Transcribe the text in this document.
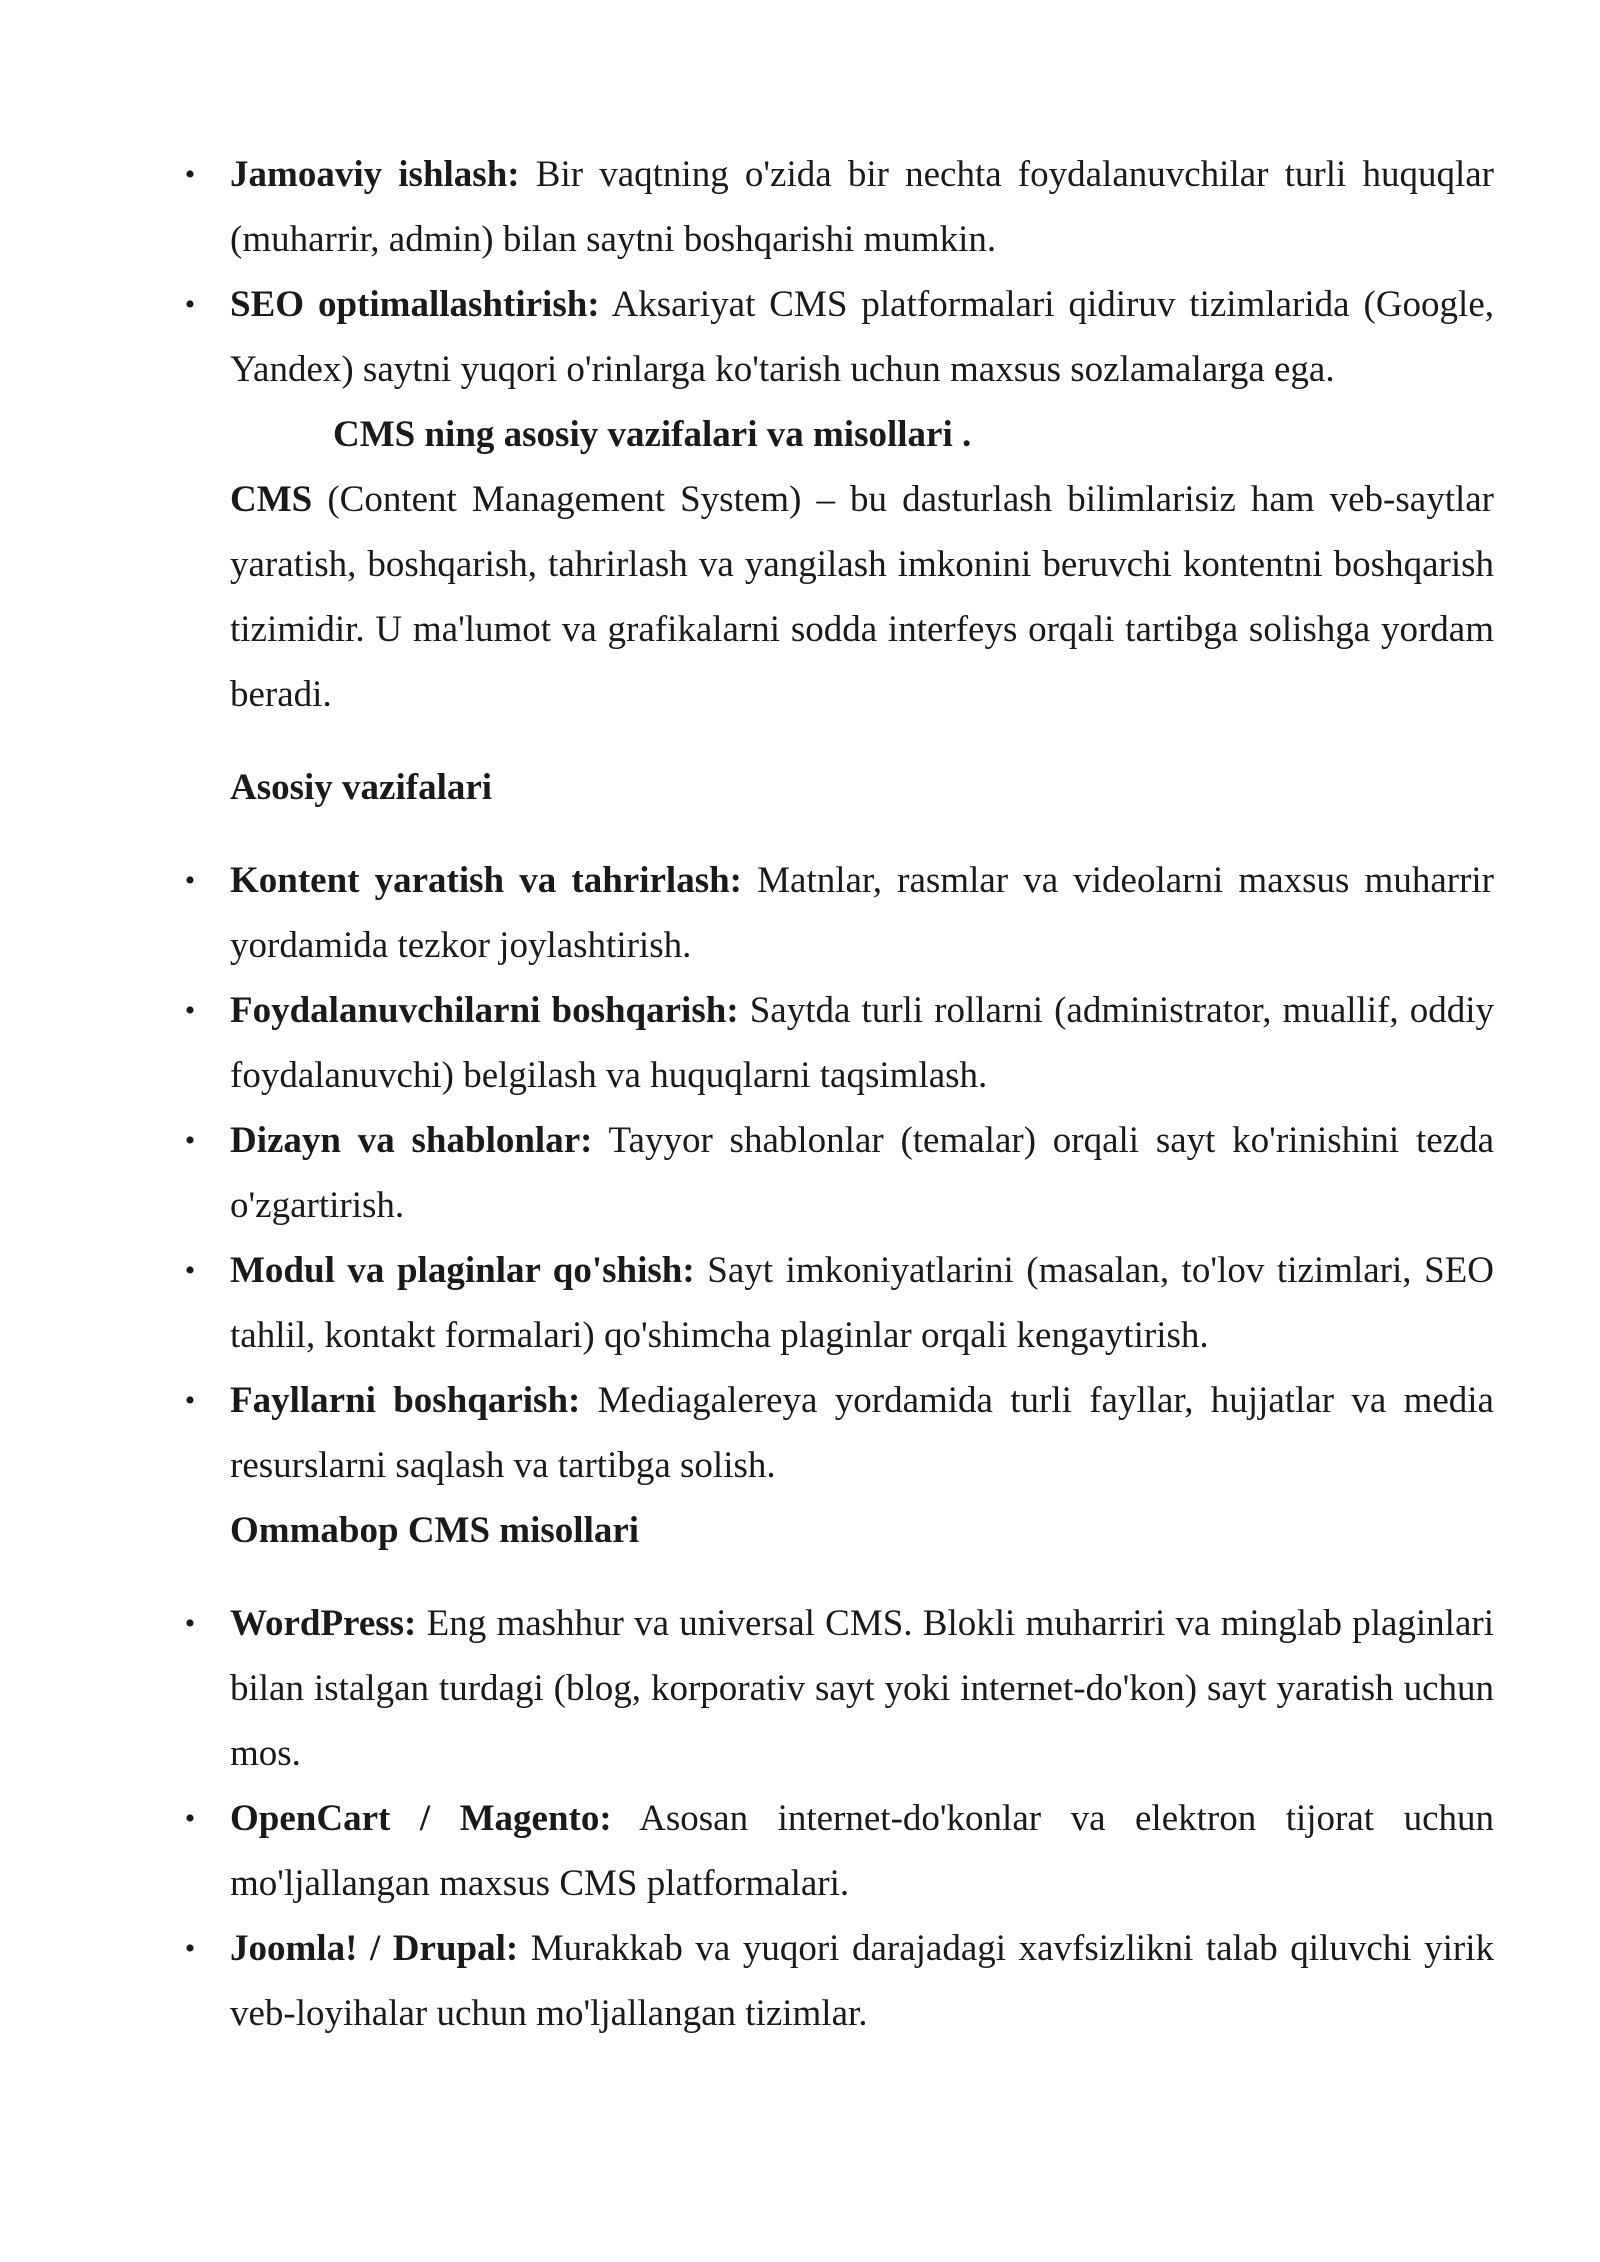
• Jamoaviy ishlash: Bir vaqtning o'zida bir nechta foydalanuvchilar turli huquqlar (muharrir, admin) bilan saytni boshqarishi mumkin.
• SEO optimallashtirish: Aksariyat CMS platformalari qidiruv tizimlarida (Google, Yandex) saytni yuqori o'rinlarga ko'tarish uchun maxsus sozlamalarga ega.
CMS ning asosiy vazifalari va misollari .
CMS (Content Management System) – bu dasturlash bilimlarisiz ham veb-saytlar yaratish, boshqarish, tahrirlash va yangilash imkonini beruvchi kontentni boshqarish tizimidir. U ma'lumot va grafikalarni sodda interfeys orqali tartibga solishga yordam beradi.
Asosiy vazifalari
• Kontent yaratish va tahrirlash: Matnlar, rasmlar va videolarni maxsus muharrir yordamida tezkor joylashtirish.
• Foydalanuvchilarni boshqarish: Saytda turli rollarni (administrator, muallif, oddiy foydalanuvchi) belgilash va huquqlarni taqsimlash.
• Dizayn va shablonlar: Tayyor shablonlar (temalar) orqali sayt ko'rinishini tezda o'zgartirish.
• Modul va plaginlar qo'shish: Sayt imkoniyatlarini (masalan, to'lov tizimlari, SEO tahlil, kontakt formalari) qo'shimcha plaginlar orqali kengaytirish.
• Fayllarni boshqarish: Mediagalereya yordamida turli fayllar, hujjatlar va media resurslarni saqlash va tartibga solish.
Ommabop CMS misollari
• WordPress: Eng mashhur va universal CMS. Blokli muharriri va minglab plaginlari bilan istalgan turdagi (blog, korporativ sayt yoki internet-do'kon) sayt yaratish uchun mos.
• OpenCart / Magento: Asosan internet-do'konlar va elektron tijorat uchun mo'ljallangan maxsus CMS platformalari.
• Joomla! / Drupal: Murakkab va yuqori darajadagi xavfsizlikni talab qiluvchi yirik veb-loyihalar uchun mo'ljallangan tizimlar.
